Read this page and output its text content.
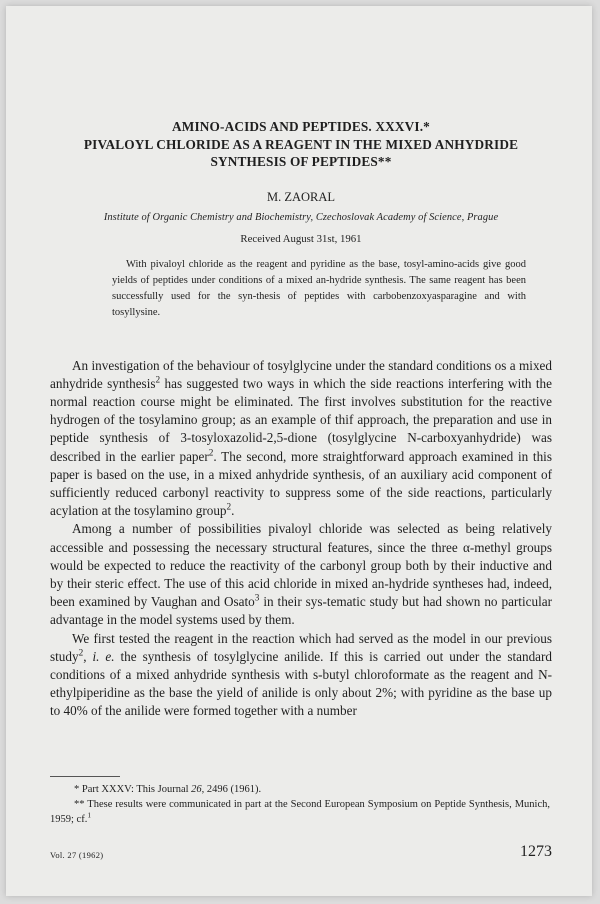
AMINO-ACIDS AND PEPTIDES. XXXVI.*
PIVALOYL CHLORIDE AS A REAGENT IN THE MIXED ANHYDRIDE
SYNTHESIS OF PEPTIDES**

M. ZAORAL

Institute of Organic Chemistry and Biochemistry, Czechoslovak Academy of Science, Prague

Received August 31st, 1961

With pivaloyl chloride as the reagent and pyridine as the base, tosyl-amino-acids give good yields of peptides under conditions of a mixed an-hydride synthesis. The same reagent has been successfully used for the syn-thesis of peptides with carbobenzoxyasparagine and with tosyllysine.

An investigation of the behaviour of tosylglycine under the standard conditions os a mixed anhydride synthesis$^2$ has suggested two ways in which the side reactions interfering with the normal reaction course might be eliminated. The first involves substitution for the reactive hydrogen of the tosylamino group; as an example of thif approach, the preparation and use in peptide synthesis of 3-tosyloxazolid-2,5-dione (tosylglycine N-carboxyanhydride) was described in the earlier paper$^2$. The second, more straightforward approach examined in this paper is based on the use, in a mixed anhydride synthesis, of an auxiliary acid component of sufficiently reduced carbonyl reactivity to suppress some of the side reactions, particularly acylation at the tosylamino group$^2$.

Among a number of possibilities pivaloyl chloride was selected as being relatively accessible and possessing the necessary structural features, since the three α-methyl groups would be expected to reduce the reactivity of the carbonyl group both by their inductive and by their steric effect. The use of this acid chloride in mixed an-hydride syntheses had, indeed, been examined by Vaughan and Osato$^3$ in their sys-tematic study but had shown no particular advantage in the model systems used by them.

We first tested the reagent in the reaction which had served as the model in our previous study$^2$, i. e. the synthesis of tosylglycine anilide. If this is carried out under the standard conditions of a mixed anhydride synthesis with s-butyl chloroformate as the reagent and N-ethylpiperidine as the base the yield of anilide is only about 2%; with pyridine as the base up to 40% of the anilide were formed together with a number

* Part XXXV: This Journal 26, 2496 (1961).

** These results were communicated in part at the Second European Symposium on Peptide Synthesis, Munich, 1959; cf.$^1$

Vol. 27 (1962)	1273
